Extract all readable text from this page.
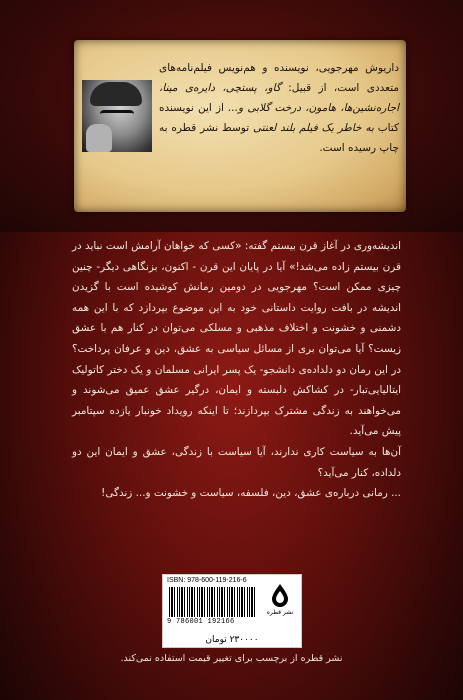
داریوش مهرجویی، نویسنده و هم‌نویس فیلم‌نامه‌های متعددی است، از قبیل: گاو، پستچی، دایره‌ی مینا، اجاره‌نشین‌ها، هامون، درخت گلابی و... از این نویسنده کتاب به خاطر یک فیلم بلند لعنتی توسط نشر قطره به چاپ رسیده است.

اندیشه‌وری در آغاز قرن بیستم گفته: «کسی که خواهان آرامش است نباید در قرن بیستم زاده می‌شد!» آیا در پایان این قرن - اکنون، بزنگاهی دیگر- چنین چیزی ممکن است؟ مهرجویی در دومین رمانش کوشیده است با گزیدن اندیشه در بافت روایت داستانی خود به این موضوع بپردازد که با این همه دشمنی و خشونت و اختلاف مذهبی و مسلکی می‌توان در کنار هم با عشق زیست؟ آیا می‌توان بری از مسائل سیاسی به عشق، دین و عرفان پرداخت؟ در این رمان دو دلداده‌ی دانشجو- یک پسر ایرانی مسلمان و یک دختر کاتولیک ایتالیایی‌تبار- در کشاکش دلبسته و ایمان، درگیر عشق عمیق می‌شوند و می‌خواهند به زندگی مشترک بپردازند؛ تا اینکه رویداد خونبار یازده سپتامبر پیش می‌آید.

آن‌ها به سیاست کاری ندارند، آیا سیاست با زندگی، عشق و ایمان این دو دلداده، کنار می‌آید؟

... رمانی درباره‌ی عشق، دین، فلسفه، سیاست و خشونت و... زندگی!

ISBN: 978-600-119-216-6
9 786001 192166
نشر قطره
۲۳۰۰۰۰ تومان
نشر قطره از برچسب برای تغییر قیمت استفاده نمی‌کند.
